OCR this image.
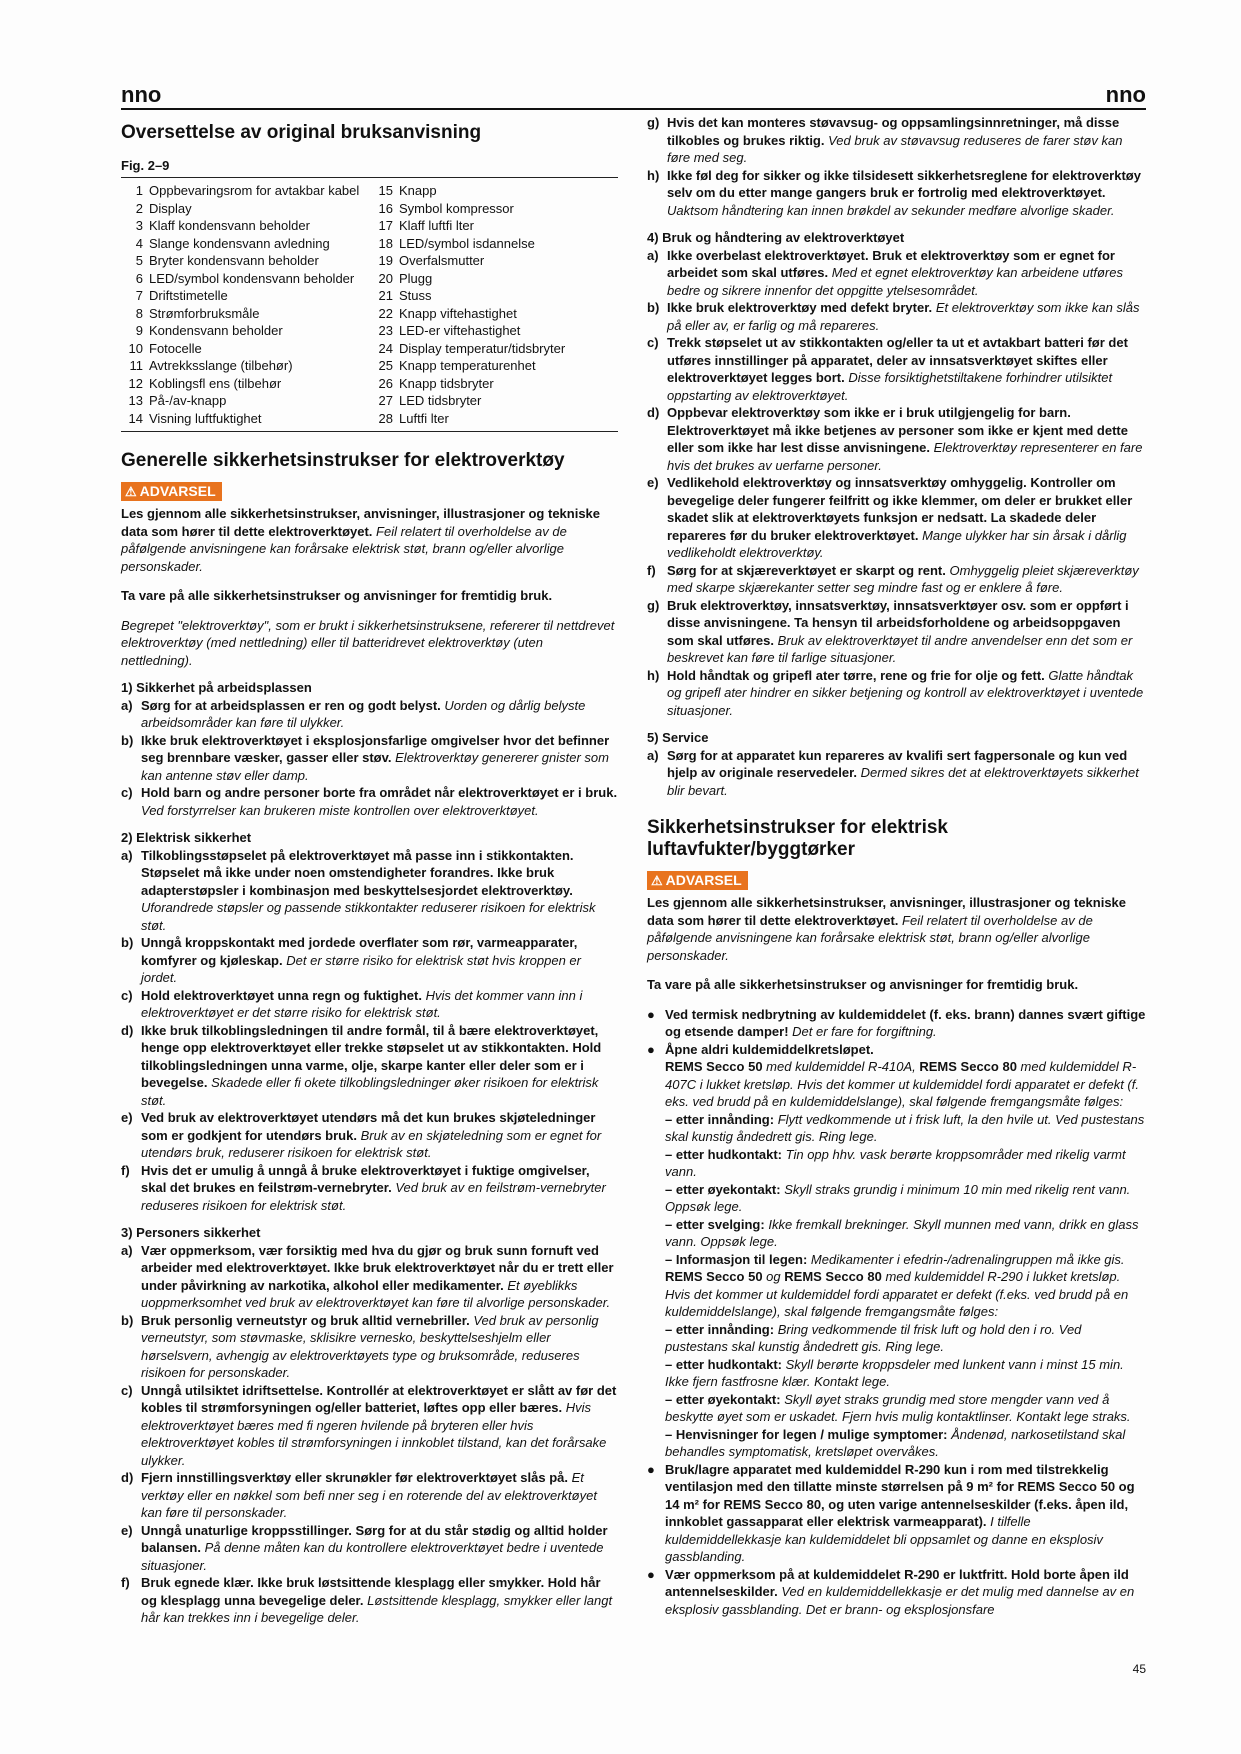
nno	nno
Oversettelse av original bruksanvisning
Fig. 2–9
1 Oppbevaringsrom for avtakbar kabel
2 Display
3 Klaff kondensvann beholder
4 Slange kondensvann avledning
5 Bryter kondensvann beholder
6 LED/symbol kondensvann beholder
7 Driftstimetelle
8 Strømforbruksmåle
9 Kondensvann beholder
10 Fotocelle
11 Avtrekksslange (tilbehør)
12 Koblingsfl ens (tilbehør
13 På-/av-knapp
14 Visning luftfuktighet
15 Knapp
16 Symbol kompressor
17 Klaff luftfi lter
18 LED/symbol isdannelse
19 Overfalsmutter
20 Plugg
21 Stuss
22 Knapp viftehastighet
23 LED-er viftehastighet
24 Display temperatur/tidsbryter
25 Knapp temperaturenhet
26 Knapp tidsbryter
27 LED tidsbryter
28 Luftfi lter
Generelle sikkerhetsinstrukser for elektroverktøy
⚠ ADVARSEL

Les gjennom alle sikkerhetsinstrukser, anvisninger, illustrasjoner og tekniske data som hører til dette elektroverktøyet. Feil relatert til overholdelse av de påfølgende anvisningene kan forårsake elektrisk støt, brann og/eller alvorlige personskader.

Ta vare på alle sikkerhetsinstrukser og anvisninger for fremtidig bruk.

Begrepet "elektroverktøy", som er brukt i sikkerhetsinstruksene, refererer til nettdrevet elektroverktøy (med nettledning) eller til batteridrevet elektroverktøy (uten nettledning).

1) Sikkerhet på arbeidsplassen
a) Sørg for at arbeidsplassen er ren og godt belyst. Uorden og dårlig belyste arbeidsområder kan føre til ulykker.
b) Ikke bruk elektroverktøyet i eksplosjonsfarlige omgivelser hvor det befinner seg brennbare væsker, gasser eller støv. Elektroverktøy genererer gnister som kan antenne støv eller damp.
c) Hold barn og andre personer borte fra området når elektroverktøyet er i bruk. Ved forstyrrelser kan brukeren miste kontrollen over elektroverktøyet.
2) Elektrisk sikkerhet
a) Tilkoblingsstøpselet på elektroverktøyet må passe inn i stikkontakten. Støpselet må ikke under noen omstendigheter forandres. Ikke bruk adapterstøpsler i kombinasjon med beskyttelsesjordet elektroverktøy. Uforandrede støpsler og passende stikkontakter reduserer risikoen for elektrisk støt.
b) Unngå kroppskontakt med jordede overflater som rør, varmeapparater, komfyrer og kjøleskap. Det er større risiko for elektrisk støt hvis kroppen er jordet.
c) Hold elektroverktøyet unna regn og fuktighet. Hvis det kommer vann inn i elektroverktøyet er det større risiko for elektrisk støt.
d) Ikke bruk tilkoblingsledningen til andre formål, til å bære elektroverktøyet, henge opp elektroverktøyet eller trekke støpselet ut av stikkontakten. Hold tilkoblingsledningen unna varme, olje, skarpe kanter eller deler som er i bevegelse. Skadede eller fi okete tilkoblingsledninger øker risikoen for elektrisk støt.
e) Ved bruk av elektroverktøyet utendørs må det kun brukes skjøteledninger som er godkjent for utendørs bruk. Bruk av en skjøteledning som er egnet for utendørs bruk, reduserer risikoen for elektrisk støt.
f) Hvis det er umulig å unngå å bruke elektroverktøyet i fuktige omgivelser, skal det brukes en feilstrøm-vernebryter. Ved bruk av en feilstrøm-vernebryter reduseres risikoen for elektrisk støt.
3) Personers sikkerhet
a) Vær oppmerksom, vær forsiktig med hva du gjør og bruk sunn fornuft ved arbeider med elektroverktøyet. Ikke bruk elektroverktøyet når du er trett eller under påvirkning av narkotika, alkohol eller medikamenter. Et øyeblikks uoppmerksomhet ved bruk av elektroverktøyet kan føre til alvorlige personskader.
b) Bruk personlig verneutstyr og bruk alltid vernebriller. Ved bruk av personlig verneutstyr, som støvmaske, sklisikre vernesko, beskyttelseshjelm eller hørselsvern, avhengig av elektroverktøyets type og bruksområde, reduseres risikoen for personskader.
c) Unngå utilsiktet idriftsettelse. Kontrollér at elektroverktøyet er slått av før det kobles til strømforsyningen og/eller batteriet, løftes opp eller bæres. Hvis elektroverktøyet bæres med fi ngeren hvilende på bryteren eller hvis elektroverktøyet kobles til strømforsyningen i innkoblet tilstand, kan det forårsake ulykker.
d) Fjern innstillingsverktøy eller skrunøkler før elektroverktøyet slås på. Et verktøy eller en nøkkel som befi nner seg i en roterende del av elektroverktøyet kan føre til personskader.
e) Unngå unaturlige kroppsstillinger. Sørg for at du står stødig og alltid holder balansen. På denne måten kan du kontrollere elektroverktøyet bedre i uventede situasjoner.
f) Bruk egnede klær. Ikke bruk løstsittende klesplagg eller smykker. Hold hår og klesplagg unna bevegelige deler. Løstsittende klesplagg, smykker eller langt hår kan trekkes inn i bevegelige deler.
g) Hvis det kan monteres støvavsug- og oppsamlingsinnretninger, må disse tilkobles og brukes riktig. Ved bruk av støvavsug reduseres de farer støv kan føre med seg.
h) Ikke føl deg for sikker og ikke tilsidesett sikkerhetsreglene for elektroverktøy selv om du etter mange gangers bruk er fortrolig med elektroverktøyet. Uaktsom håndtering kan innen brøkdel av sekunder medføre alvorlige skader.
4) Bruk og håndtering av elektroverktøyet
a) Ikke overbelast elektroverktøyet. Bruk et elektroverktøy som er egnet for arbeidet som skal utføres. Med et egnet elektroverktøy kan arbeidene utføres bedre og sikrere innenfor det oppgitte ytelsesområdet.
b) Ikke bruk elektroverktøy med defekt bryter. Et elektroverktøy som ikke kan slås på eller av, er farlig og må repareres.
c) Trekk støpselet ut av stikkontakten og/eller ta ut et avtakbart batteri før det utføres innstillinger på apparatet, deler av innsatsverktøyet skiftes eller elektroverktøyet legges bort. Disse forsiktighetstiltakene forhindrer utilsiktet oppstarting av elektroverktøyet.
d) Oppbevar elektroverktøy som ikke er i bruk utilgjengelig for barn. Elektroverktøyet må ikke betjenes av personer som ikke er kjent med dette eller som ikke har lest disse anvisningene. Elektroverktøy representerer en fare hvis det brukes av uerfarne personer.
e) Vedlikehold elektroverktøy og innsatsverktøy omhyggelig. Kontroller om bevegelige deler fungerer feilfritt og ikke klemmer, om deler er brukket eller skadet slik at elektroverktøyets funksjon er nedsatt. La skadede deler repareres før du bruker elektroverktøyet. Mange ulykker har sin årsak i dårlig vedlikeholdt elektroverktøy.
f) Sørg for at skjæreverktøyet er skarpt og rent. Omhyggelig pleiet skjæreverktøy med skarpe skjærekanter setter seg mindre fast og er enklere å føre.
g) Bruk elektroverktøy, innsatsverktøy, innsatsverktøyer osv. som er oppført i disse anvisningene. Ta hensyn til arbeidsforholdene og arbeidsoppgaven som skal utføres. Bruk av elektroverktøyet til andre anvendelser enn det som er beskrevet kan føre til farlige situasjoner.
h) Hold håndtak og gripefl ater tørre, rene og frie for olje og fett. Glatte håndtak og gripefl ater hindrer en sikker betjening og kontroll av elektroverktøyet i uventede situasjoner.
5) Service
a) Sørg for at apparatet kun repareres av kvalifi sert fagpersonale og kun ved hjelp av originale reservedeler. Dermed sikres det at elektroverktøyets sikkerhet blir bevart.
Sikkerhetsinstrukser for elektrisk luftavfukter/byggtørker
⚠ ADVARSEL

Les gjennom alle sikkerhetsinstrukser, anvisninger, illustrasjoner og tekniske data som hører til dette elektroverktøyet. Feil relatert til overholdelse av de påfølgende anvisningene kan forårsake elektrisk støt, brann og/eller alvorlige personskader.

Ta vare på alle sikkerhetsinstrukser og anvisninger for fremtidig bruk.

● Ved termisk nedbrytning av kuldemiddelet (f. eks. brann) dannes svært giftige og etsende damper! Det er fare for forgiftning.
● Åpne aldri kuldemiddelkretsløpet.
REMS Secco 50 med kuldemiddel R-410A, REMS Secco 80 med kuldemiddel R-407C i lukket kretsløp. Hvis det kommer ut kuldemiddel fordi apparatet er defekt (f. eks. ved brudd på en kuldemiddelslange), skal følgende fremgangsmåte følges:

– etter innånding: Flytt vedkommende ut i frisk luft, la den hvile ut. Ved pustestans skal kunstig åndedrett gis. Ring lege.

– etter hudkontakt: Tin opp hhv. vask berørte kroppsområder med rikelig varmt vann.

– etter øyekontakt: Skyll straks grundig i minimum 10 min med rikelig rent vann. Oppsøk lege.

– etter svelging: Ikke fremkall brekninger. Skyll munnen med vann, drikk en glass vann. Oppsøk lege.

– Informasjon til legen: Medikamenter i efedrin-/adrenalingruppen må ikke gis.

REMS Secco 50 og REMS Secco 80 med kuldemiddel R-290 i lukket kretsløp. Hvis det kommer ut kuldemiddel fordi apparatet er defekt (f.eks. ved brudd på en kuldemiddelslange), skal følgende fremgangsmåte følges:

– etter innånding: Bring vedkommende til frisk luft og hold den i ro. Ved pustestans skal kunstig åndedrett gis. Ring lege.

– etter hudkontakt: Skyll berørte kroppsdeler med lunkent vann i minst 15 min. Ikke fjern fastfrosne klær. Kontakt lege.

– etter øyekontakt: Skyll øyet straks grundig med store mengder vann ved å beskytte øyet som er uskadet. Fjern hvis mulig kontaktlinser. Kontakt lege straks.

– Henvisninger for legen / mulige symptomer: Åndenød, narkosetilstand skal behandles symptomatisk, kretsløpet overvåkes.

● Bruk/lagre apparatet med kuldemiddel R-290 kun i rom med tilstrekkelig ventilasjon med den tillatte minste størrelsen på 9 m² for REMS Secco 50 og 14 m² for REMS Secco 80, og uten varige antennelseskilder (f.eks. åpen ild, innkoblet gassapparat eller elektrisk varmeapparat). I tilfelle kuldemiddellekkasje kan kuldemiddelet bli oppsamlet og danne en eksplosiv gassblanding.
● Vær oppmerksom på at kuldemiddelet R-290 er luktfritt. Hold borte åpen ild antennelseskilder. Ved en kuldemiddellekkasje er det mulig med dannelse av en eksplosiv gassblanding. Det er brann- og eksplosjonsfare
45
